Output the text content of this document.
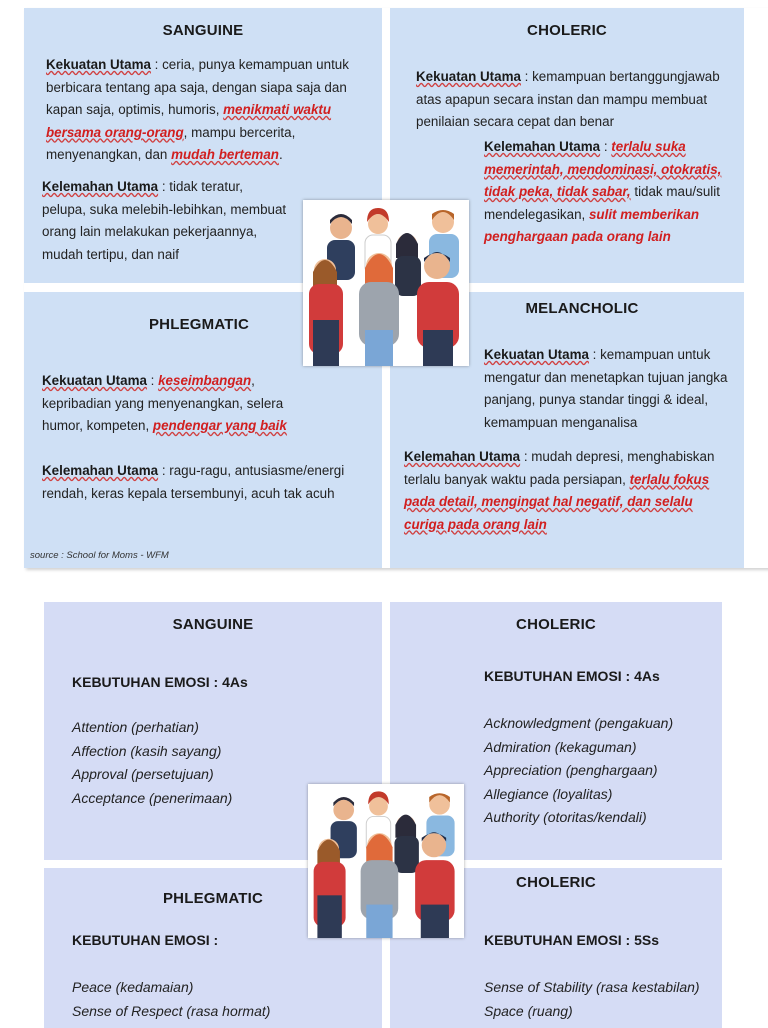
SANGUINE
Kekuatan Utama : ceria, punya kemampuan untuk berbicara tentang apa saja, dengan siapa saja dan kapan saja, optimis, humoris, menikmati waktu bersama orang-orang, mampu bercerita, menyenangkan, dan mudah berteman.
Kelemahan Utama : tidak teratur, pelupa, suka melebih-lebihkan, membuat orang lain melakukan pekerjaannya, mudah tertipu, dan naif
CHOLERIC
Kekuatan Utama : kemampuan bertanggungjawab atas apapun secara instan dan mampu membuat penilaian secara cepat dan benar
Kelemahan Utama : terlalu suka memerintah, mendominasi, otokratis, tidak peka, tidak sabar, tidak mau/sulit mendelegasikan, sulit memberikan penghargaan pada orang lain
PHLEGMATIC
Kekuatan Utama : keseimbangan, kepribadian yang menyenangkan, selera humor, kompeten, pendengar yang baik
Kelemahan Utama : ragu-ragu, antusiasme/energi rendah, keras kepala tersembunyi, acuh tak acuh
source : School for Moms - WFM
MELANCHOLIC
Kekuatan Utama : kemampuan untuk mengatur dan menetapkan tujuan jangka panjang, punya standar tinggi & ideal, kemampuan menganalisa
Kelemahan Utama : mudah depresi, menghabiskan terlalu banyak waktu pada persiapan, terlalu fokus pada detail, mengingat hal negatif, dan selalu curiga pada orang lain
SANGUINE
KEBUTUHAN EMOSI : 4As
Attention (perhatian)
Affection (kasih sayang)
Approval (persetujuan)
Acceptance (penerimaan)
CHOLERIC
KEBUTUHAN EMOSI : 4As
Acknowledgment (pengakuan)
Admiration (kekaguman)
Appreciation (penghargaan)
Allegiance (loyalitas)
Authority (otoritas/kendali)
PHLEGMATIC
KEBUTUHAN EMOSI :
Peace (kedamaian)
Sense of Respect (rasa hormat)
CHOLERIC
KEBUTUHAN EMOSI : 5Ss
Sense of Stability (rasa kestabilan)
Space (ruang)
